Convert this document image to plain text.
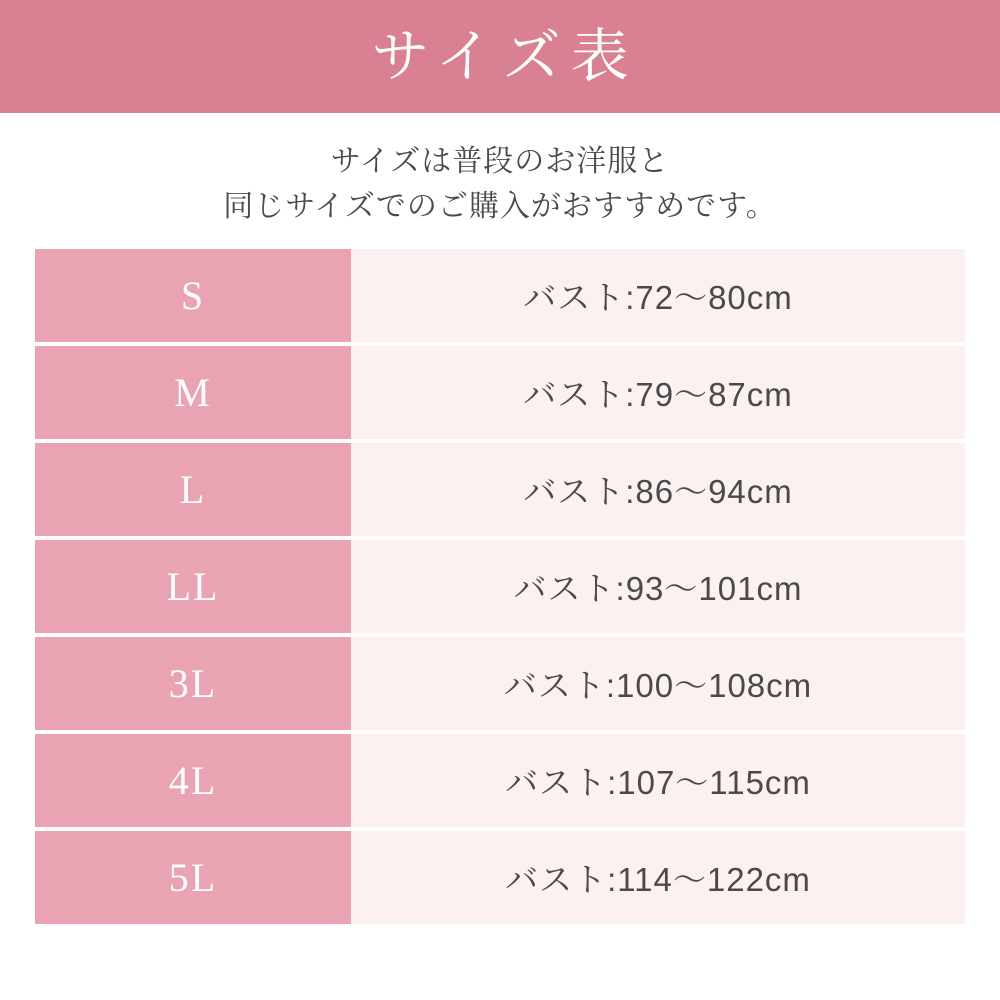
サイズ表
サイズは普段のお洋服と
同じサイズでのご購入がおすすめです。
S	バスト:72〜80cm
M	バスト:79〜87cm
L	バスト:86〜94cm
LL	バスト:93〜101cm
3L	バスト:100〜108cm
4L	バスト:107〜115cm
5L	バスト:114〜122cm
